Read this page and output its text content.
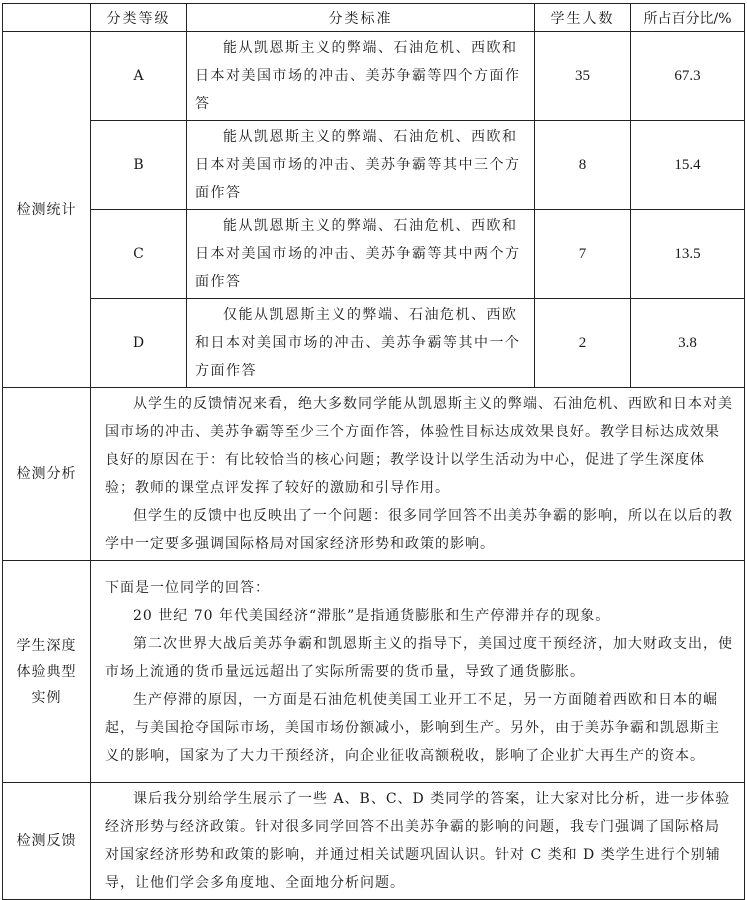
	分类等级	分类标准	学生人数	所占百分比/%
检测统计	A	能从凯恩斯主义的弊端、石油危机、西欧和日本对美国市场的冲击、美苏争霸等四个方面作答	35	67.3
	B	能从凯恩斯主义的弊端、石油危机、西欧和日本对美国市场的冲击、美苏争霸等其中三个方面作答	8	15.4
	C	能从凯恩斯主义的弊端、石油危机、西欧和日本对美国市场的冲击、美苏争霸等其中两个方面作答	7	13.5
	D	仅能从凯恩斯主义的弊端、石油危机、西欧和日本对美国市场的冲击、美苏争霸等其中一个方面作答	2	3.8
检测分析	从学生的反馈情况来看，绝大多数同学能从凯恩斯主义的弊端、石油危机、西欧和日本对美国市场的冲击、美苏争霸等至少三个方面作答，体验性目标达成效果良好。教学目标达成效果良好的原因在于：有比较恰当的核心问题；教学设计以学生活动为中心，促进了学生深度体验；教师的课堂点评发挥了较好的激励和引导作用。
但学生的反馈中也反映出了一个问题：很多同学回答不出美苏争霸的影响，所以在以后的教学中一定要多强调国际格局对国家经济形势和政策的影响。			

学生深度体验典型实例	下面是一位同学的回答：
20 世纪 70 年代美国经济“滞胀”是指通货膨胀和生产停滞并存的现象。
第二次世界大战后美苏争霸和凯恩斯主义的指导下，美国过度干预经济，加大财政支出，使市场上流通的货币量远远超出了实际所需要的货币量，导致了通货膨胀。
生产停滞的原因，一方面是石油危机使美国工业开工不足，另一方面随着西欧和日本的崛起，与美国抢夺国际市场，美国市场份额减小，影响到生产。另外，由于美苏争霸和凯恩斯主义的影响，国家为了大力干预经济，向企业征收高额税收，影响了企业扩大再生产的资本。			

检测反馈	课后我分别给学生展示了一些 A、B、C、D 类同学的答案，让大家对比分析，进一步体验经济形势与经济政策。针对很多同学回答不出美苏争霸的影响的问题，我专门强调了国际格局对国家经济形势和政策的影响，并通过相关试题巩固认识。针对 C 类和 D 类学生进行个别辅导，让他们学会多角度地、全面地分析问题。			
